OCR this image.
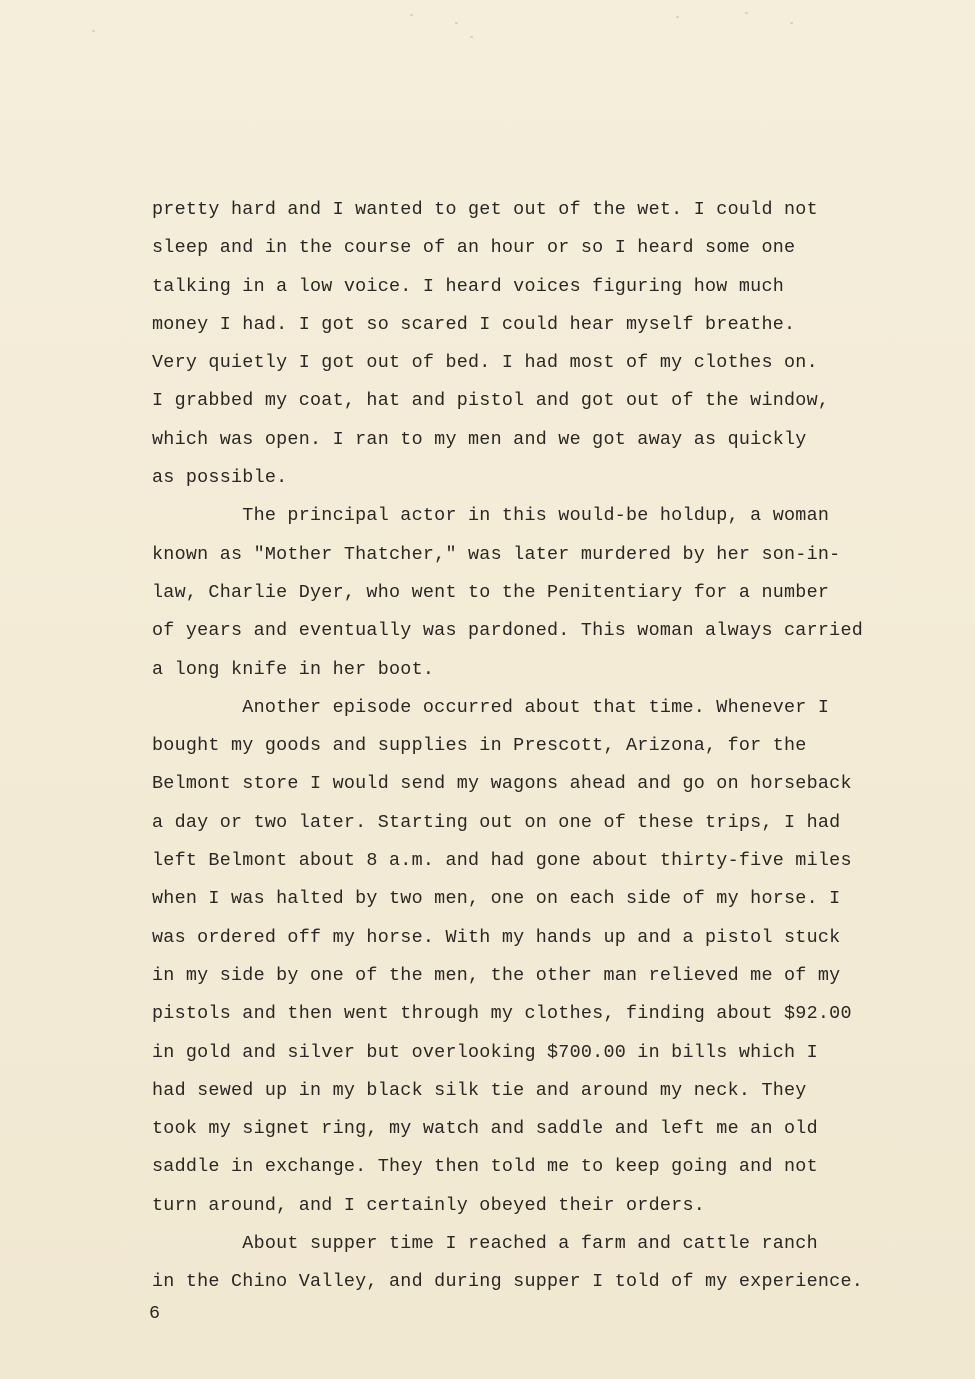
pretty hard and I wanted to get out of the wet. I could not
sleep and in the course of an hour or so I heard some one
talking in a low voice. I heard voices figuring how much
money I had. I got so scared I could hear myself breathe.
Very quietly I got out of bed. I had most of my clothes on.
I grabbed my coat, hat and pistol and got out of the window,
which was open. I ran to my men and we got away as quickly
as possible.
The principal actor in this would-be holdup, a woman
known as "Mother Thatcher," was later murdered by her son-in-
law, Charlie Dyer, who went to the Penitentiary for a number
of years and eventually was pardoned. This woman always carried
a long knife in her boot.
Another episode occurred about that time. Whenever I
bought my goods and supplies in Prescott, Arizona, for the
Belmont store I would send my wagons ahead and go on horseback
a day or two later. Starting out on one of these trips, I had
left Belmont about 8 a.m. and had gone about thirty-five miles
when I was halted by two men, one on each side of my horse. I
was ordered off my horse. With my hands up and a pistol stuck
in my side by one of the men, the other man relieved me of my
pistols and then went through my clothes, finding about $92.00
in gold and silver but overlooking $700.00 in bills which I
had sewed up in my black silk tie and around my neck. They
took my signet ring, my watch and saddle and left me an old
saddle in exchange. They then told me to keep going and not
turn around, and I certainly obeyed their orders.
About supper time I reached a farm and cattle ranch
in the Chino Valley, and during supper I told of my experience.
6
